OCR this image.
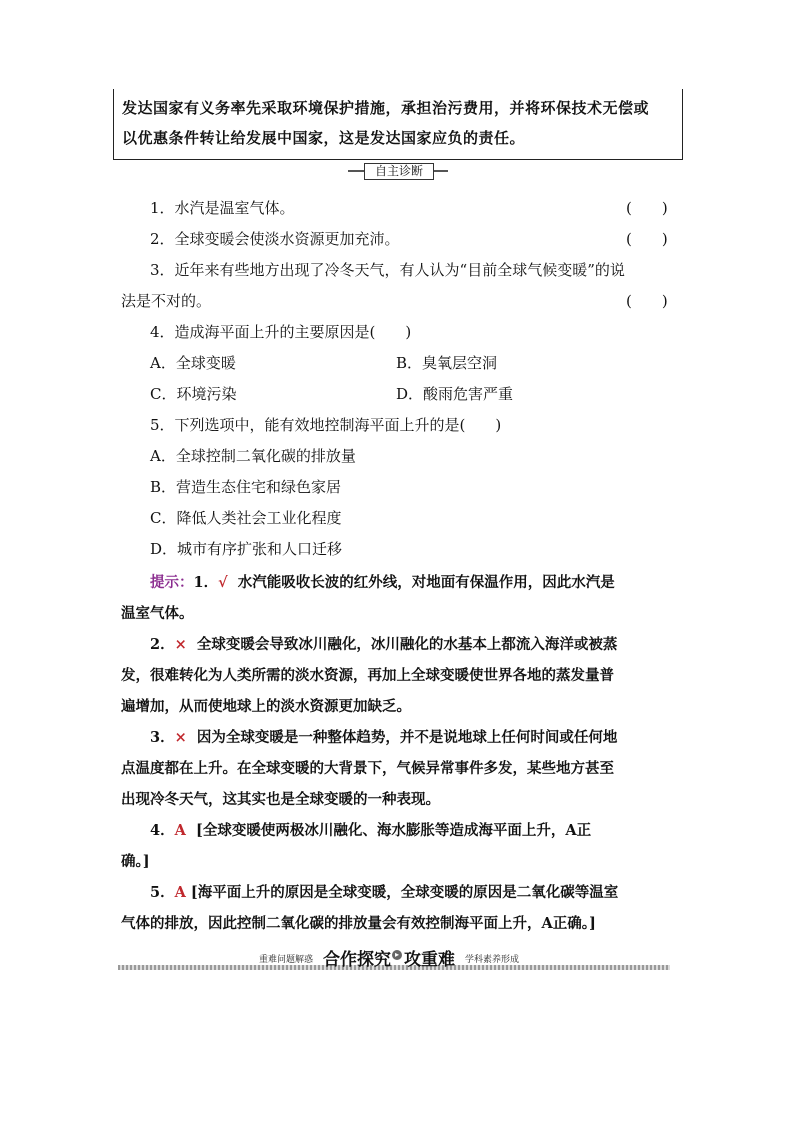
发达国家有义务率先采取环境保护措施，承担治污费用，并将环保技术无偿或
以优惠条件转让给发展中国家，这是发达国家应负的责任。
自主诊断
1．水汽是温室气体。	(　　)
2．全球变暖会使淡水资源更加充沛。	(　　)
3．近年来有些地方出现了冷冬天气，有人认为“目前全球气候变暖”的说
法是不对的。	(　　)
4．造成海平面上升的主要原因是(　　)
A．全球变暖	B．臭氧层空洞
C．环境污染	D．酸雨危害严重
5．下列选项中，能有效地控制海平面上升的是(　　)
A．全球控制二氧化碳的排放量
B．营造生态住宅和绿色家居
C．降低人类社会工业化程度
D．城市有序扩张和人口迁移
提示：1．√ 水汽能吸收长波的红外线，对地面有保温作用，因此水汽是
温室气体。
2．× 全球变暖会导致冰川融化，冰川融化的水基本上都流入海洋或被蒸
发，很难转化为人类所需的淡水资源，再加上全球变暖使世界各地的蒸发量普
遍增加，从而使地球上的淡水资源更加缺乏。
3．× 因为全球变暖是一种整体趋势，并不是说地球上任何时间或任何地
点温度都在上升。在全球变暖的大背景下，气候异常事件多发，某些地方甚至
出现冷冬天气，这其实也是全球变暖的一种表现。
4．A [全球变暖使两极冰川融化、海水膨胀等造成海平面上升，A正
确。]
5．A [海平面上升的原因是全球变暖，全球变暖的原因是二氧化碳等温室
气体的排放，因此控制二氧化碳的排放量会有效控制海平面上升，A正确。]
重难问题解惑 合作探究 ▸ 攻重难 学科素养形成
